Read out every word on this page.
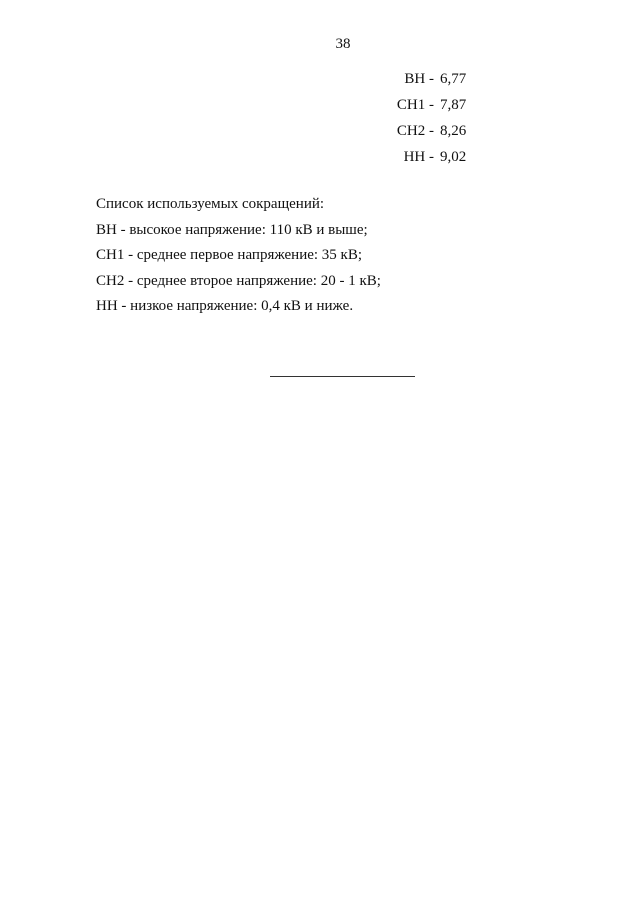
38
ВН - 6,77
СН1 - 7,87
СН2 - 8,26
НН - 9,02
Список используемых сокращений:
ВН - высокое напряжение: 110 кВ и выше;
СН1 - среднее первое напряжение: 35 кВ;
СН2 - среднее второе напряжение: 20 - 1 кВ;
НН - низкое напряжение: 0,4 кВ и ниже.
